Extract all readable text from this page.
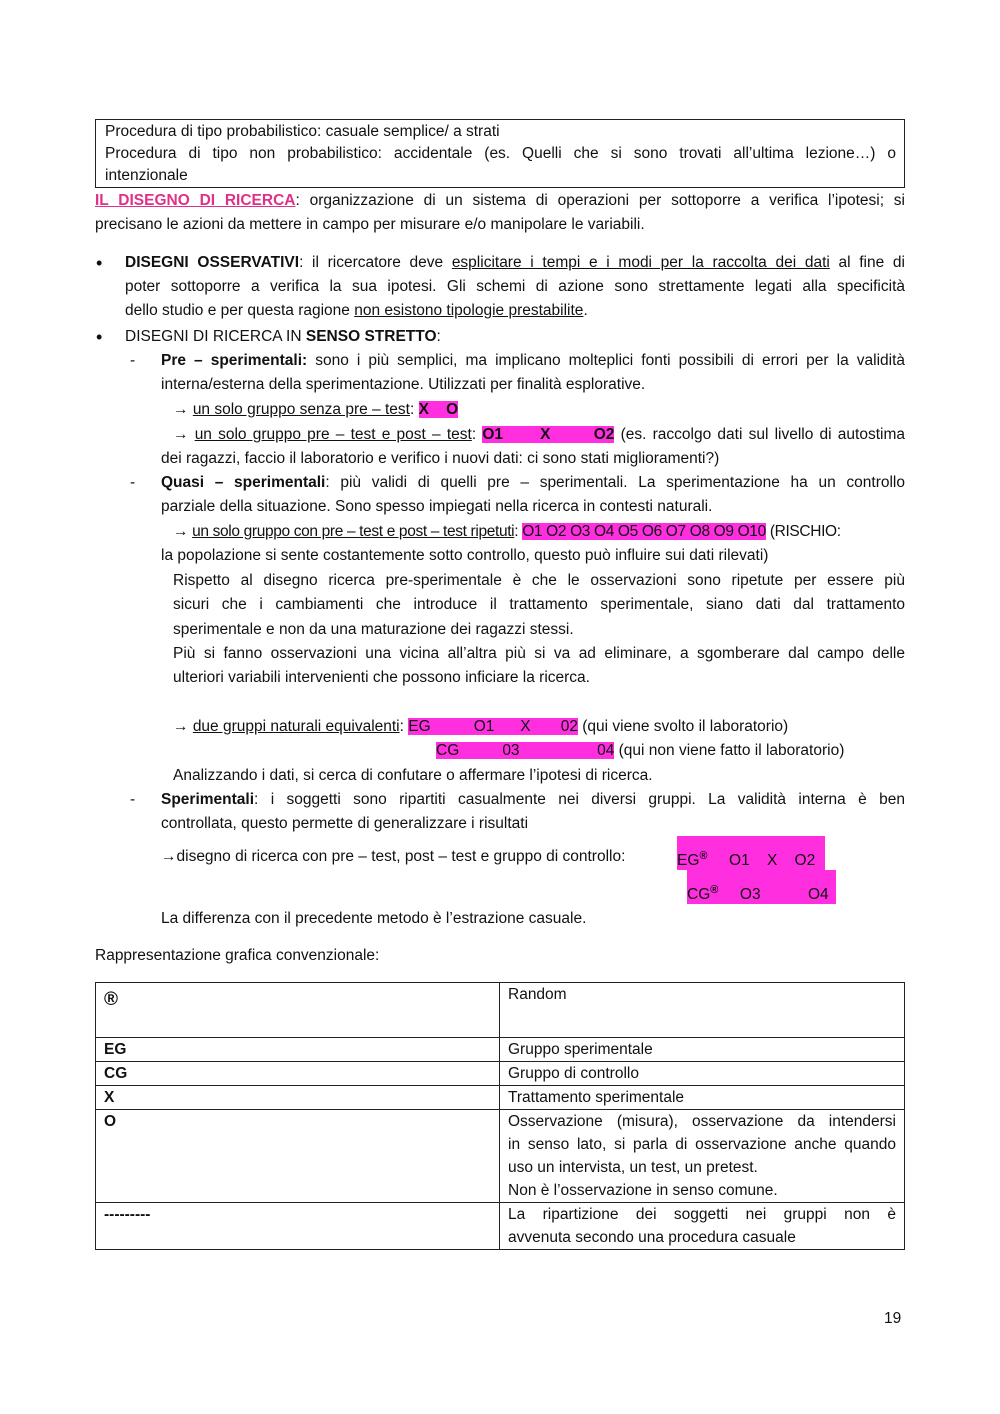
Procedura di tipo probabilistico: casuale semplice/ a strati
Procedura di tipo non probabilistico: accidentale (es. Quelli che si sono trovati all’ultima lezione…) o
intenzionale
IL DISEGNO DI RICERCA: organizzazione di un sistema di operazioni per sottoporre a verifica l’ipotesi; si
precisano le azioni da mettere in campo per misurare e/o manipolare le variabili.
• DISEGNI OSSERVATIVI: il ricercatore deve esplicitare i tempi e i modi per la raccolta dei dati al fine di
poter sottoporre a verifica la sua ipotesi. Gli schemi di azione sono strettamente legati alla specificità
dello studio e per questa ragione non esistono tipologie prestabilite.
• DISEGNI DI RICERCA IN SENSO STRETTO:
- Pre – sperimentali: sono i più semplici, ma implicano molteplici fonti possibili di errori per la validità
interna/esterna della sperimentazione. Utilizzati per finalità esplorative.
→ un solo gruppo senza pre – test: X    O
→ un solo gruppo pre – test e post – test: O1      X       O2 (es. raccolgo dati sul livello di autostima
dei ragazzi, faccio il laboratorio e verifico i nuovi dati: ci sono stati miglioramenti?)
- Quasi – sperimentali: più validi di quelli pre – sperimentali. La sperimentazione ha un controllo
parziale della situazione. Sono spesso impiegati nella ricerca in contesti naturali.
→ un solo gruppo con pre – test e post – test ripetuti: O1 O2 O3 O4 O5 O6 O7 O8 O9 O10 (RISCHIO:
la popolazione si sente costantemente sotto controllo, questo può influire sui dati rilevati)
Rispetto al disegno ricerca pre-sperimentale è che le osservazioni sono ripetute per essere più
sicuri che i cambiamenti che introduce il trattamento sperimentale, siano dati dal trattamento
sperimentale e non da una maturazione dei ragazzi stessi.
Più si fanno osservazioni una vicina all’altra più si va ad eliminare, a sgomberare dal campo delle
ulteriori variabili intervenienti che possono inficiare la ricerca.
→ due gruppi naturali equivalenti: EG          O1      X       02 (qui viene svolto il laboratorio)
CG          03                  04 (qui non viene fatto il laboratorio)
Analizzando i dati, si cerca di confutare o affermare l’ipotesi di ricerca.
- Sperimentali: i soggetti sono ripartiti casualmente nei diversi gruppi. La validità interna è ben
controllata, questo permette di generalizzare i risultati
→disegno di ricerca con pre – test, post – test e gruppo di controllo:	EG®     O1    X    O2
CG®     O3           O4
La differenza con il precedente metodo è l’estrazione casuale.
Rappresentazione grafica convenzionale:
®	Random
EG	Gruppo sperimentale
CG	Gruppo di controllo
X	Trattamento sperimentale
O	Osservazione (misura), osservazione da intendersi
in senso lato, si parla di osservazione anche quando
uso un intervista, un test, un pretest.
Non è l’osservazione in senso comune.

---------	La ripartizione dei soggetti nei gruppi non è
avvenuta secondo una procedura casuale
19
